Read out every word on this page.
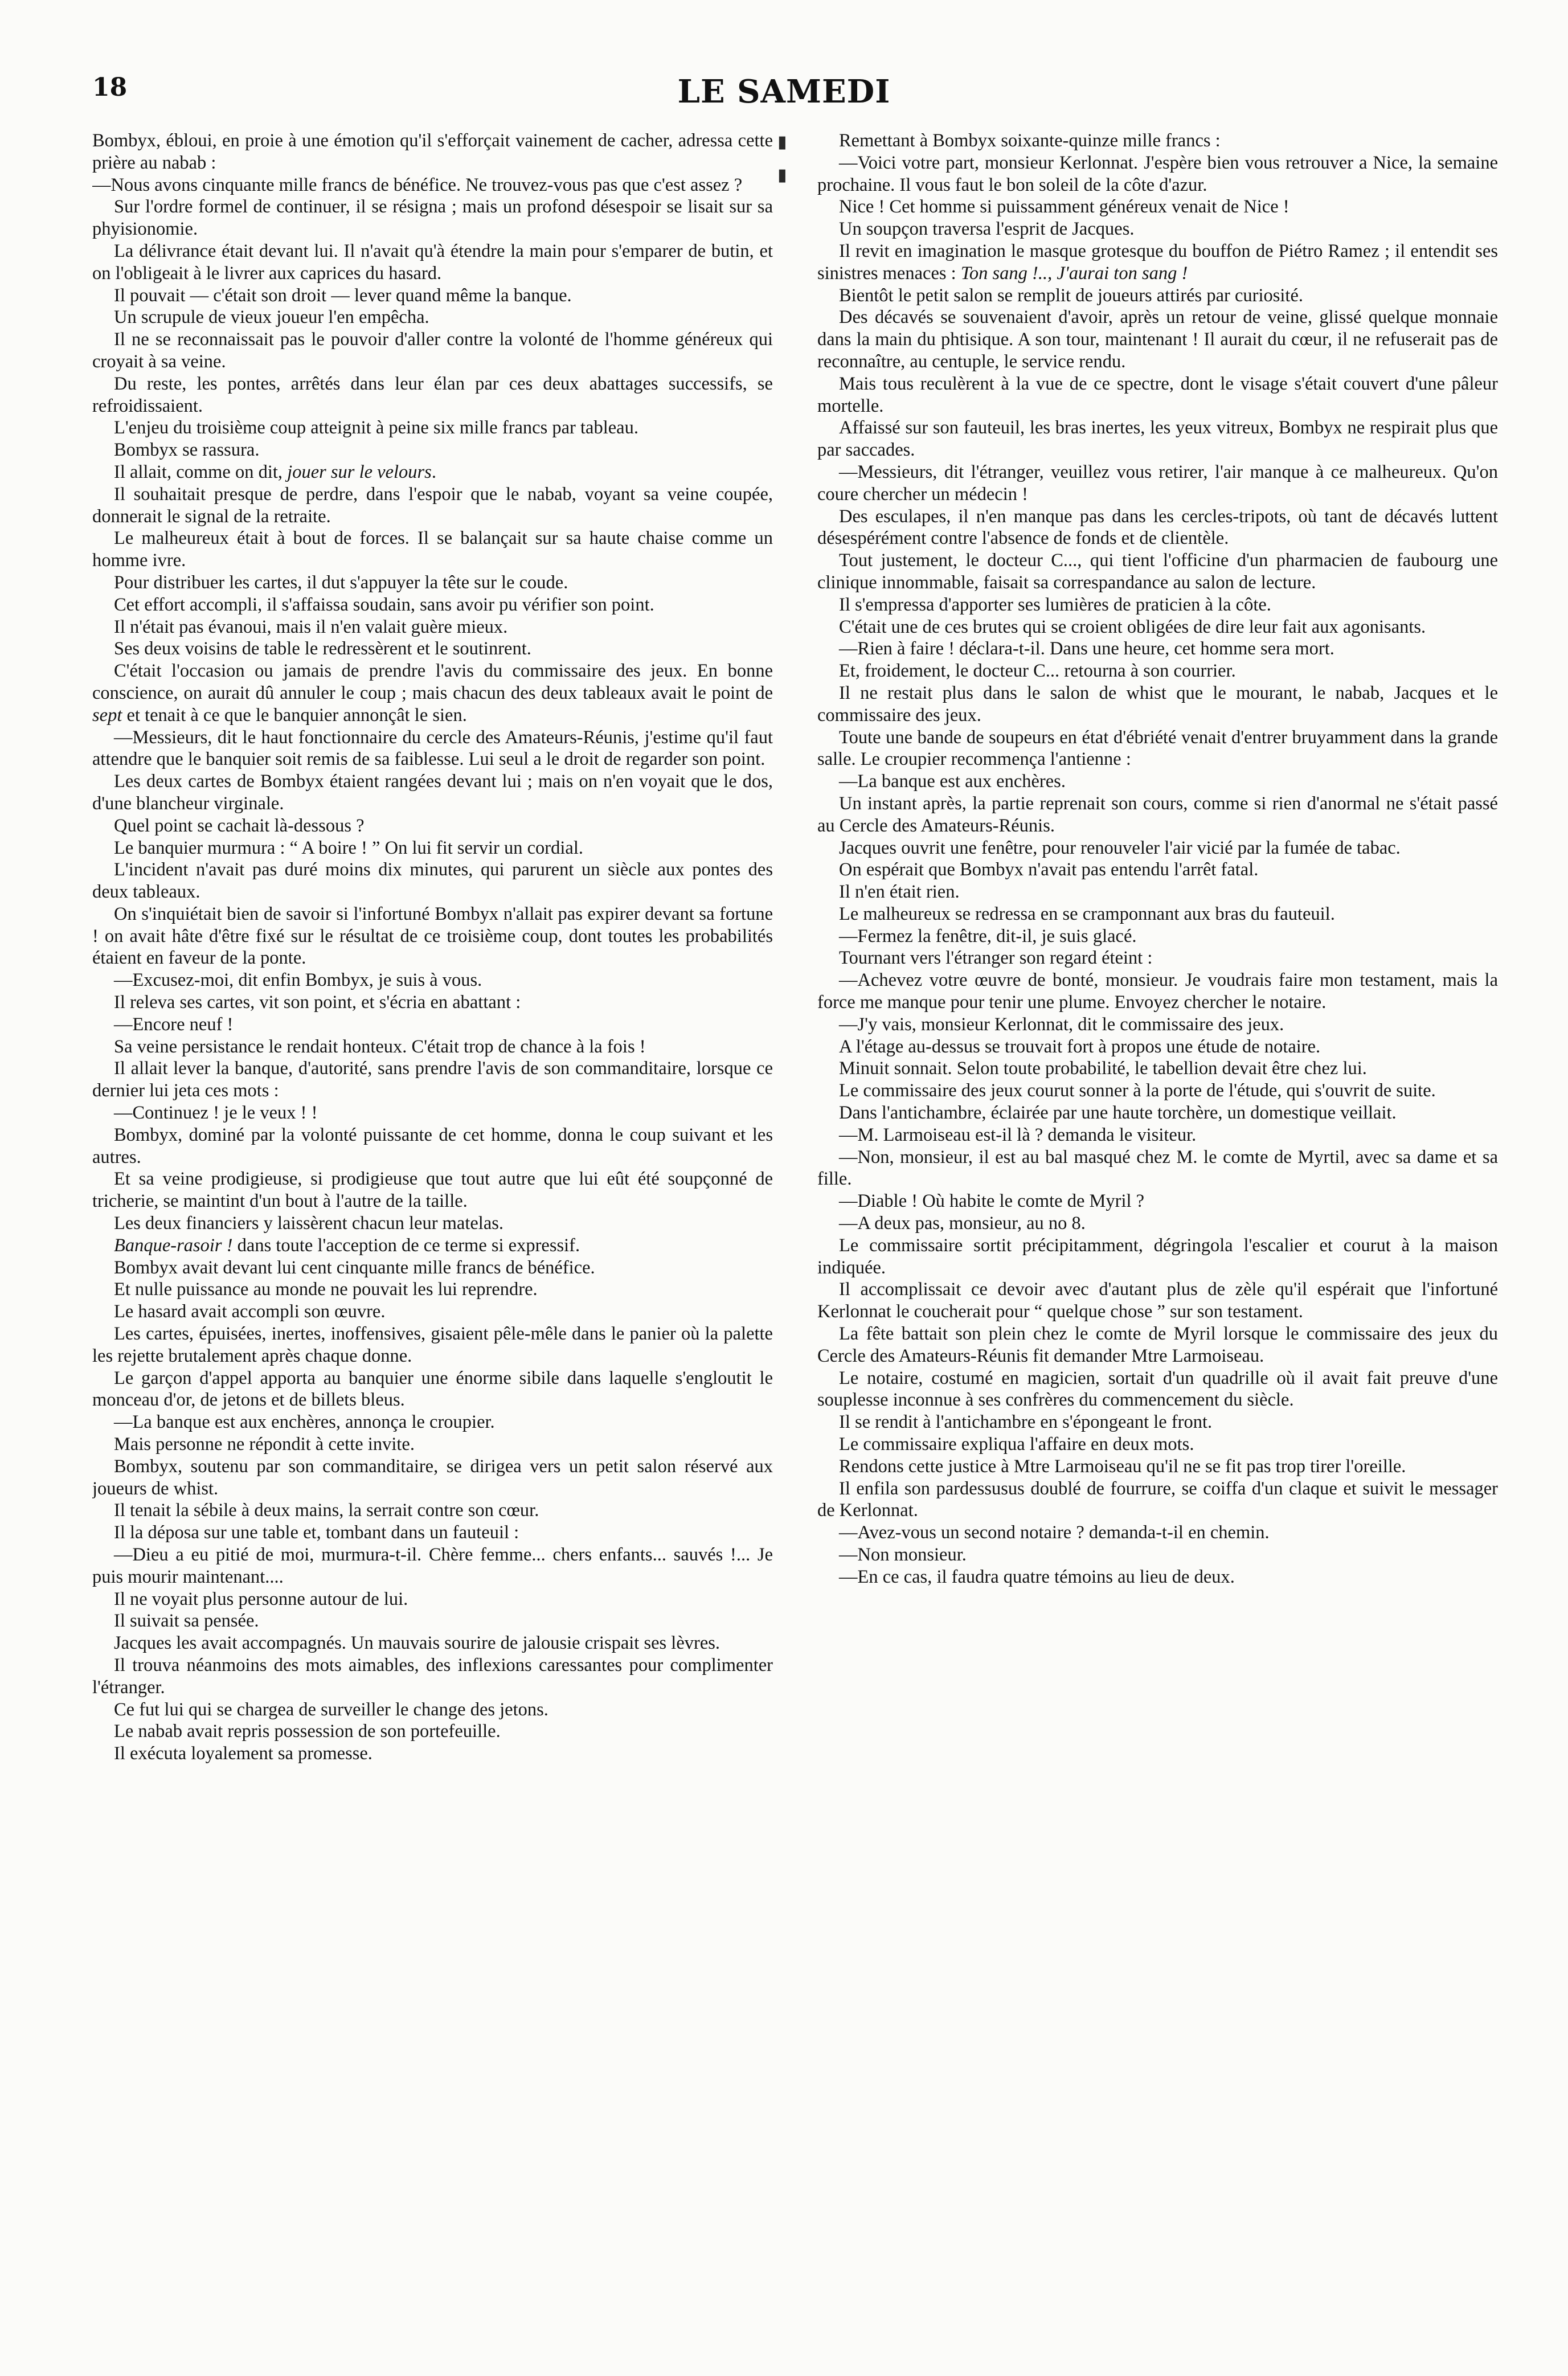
18	LE SAMEDI

Bombyx, ébloui, en proie à une émotion qu'il s'efforçait vainement de cacher, adressa cette prière au nabab :

—Nous avons cinquante mille francs de bénéfice. Ne trouvez-vous pas que c'est assez ?

Sur l'ordre formel de continuer, il se résigna ; mais un profond désespoir se lisait sur sa phyisionomie.

La délivrance était devant lui. Il n'avait qu'à étendre la main pour s'emparer de butin, et on l'obligeait à le livrer aux caprices du hasard.

Il pouvait — c'était son droit — lever quand même la banque.

Un scrupule de vieux joueur l'en empêcha.

Il ne se reconnaissait pas le pouvoir d'aller contre la volonté de l'homme généreux qui croyait à sa veine.

Du reste, les pontes, arrêtés dans leur élan par ces deux abattages successifs, se refroidissaient.

L'enjeu du troisième coup atteignit à peine six mille francs par tableau.

Bombyx se rassura.

Il allait, comme on dit, jouer sur le velours.

Il souhaitait presque de perdre, dans l'espoir que le nabab, voyant sa veine coupée, donnerait le signal de la retraite.

Le malheureux était à bout de forces. Il se balançait sur sa haute chaise comme un homme ivre.

Pour distribuer les cartes, il dut s'appuyer la tête sur le coude.

Cet effort accompli, il s'affaissa soudain, sans avoir pu vérifier son point.

Il n'était pas évanoui, mais il n'en valait guère mieux.

Ses deux voisins de table le redressèrent et le soutinrent.

C'était l'occasion ou jamais de prendre l'avis du commissaire des jeux. En bonne conscience, on aurait dû annuler le coup ; mais chacun des deux tableaux avait le point de sept et tenait à ce que le banquier annonçât le sien.

—Messieurs, dit le haut fonctionnaire du cercle des Amateurs-Réunis, j'estime qu'il faut attendre que le banquier soit remis de sa faiblesse. Lui seul a le droit de regarder son point.

Les deux cartes de Bombyx étaient rangées devant lui ; mais on n'en voyait que le dos, d'une blancheur virginale.

Quel point se cachait là-dessous ?

Le banquier murmura : “ A boire ! ” On lui fit servir un cordial.

L'incident n'avait pas duré moins dix minutes, qui parurent un siècle aux pontes des deux tableaux.

On s'inquiétait bien de savoir si l'infortuné Bombyx n'allait pas expirer devant sa fortune ! on avait hâte d'être fixé sur le résultat de ce troisième coup, dont toutes les probabilités étaient en faveur de la ponte.

—Excusez-moi, dit enfin Bombyx, je suis à vous.

Il releva ses cartes, vit son point, et s'écria en abattant :

—Encore neuf !

Sa veine persistance le rendait honteux. C'était trop de chance à la fois !

Il allait lever la banque, d'autorité, sans prendre l'avis de son commanditaire, lorsque ce dernier lui jeta ces mots :

—Continuez ! je le veux ! !

Bombyx, dominé par la volonté puissante de cet homme, donna le coup suivant et les autres.

Et sa veine prodigieuse, si prodigieuse que tout autre que lui eût été soupçonné de tricherie, se maintint d'un bout à l'autre de la taille.

Les deux financiers y laissèrent chacun leur matelas.

Banque-rasoir ! dans toute l'acception de ce terme si expressif.

Bombyx avait devant lui cent cinquante mille francs de bénéfice.

Et nulle puissance au monde ne pouvait les lui reprendre.

Le hasard avait accompli son œuvre.

Les cartes, épuisées, inertes, inoffensives, gisaient pêle-mêle dans le panier où la palette les rejette brutalement après chaque donne.

Le garçon d'appel apporta au banquier une énorme sibile dans laquelle s'engloutit le monceau d'or, de jetons et de billets bleus.

—La banque est aux enchères, annonça le croupier.

Mais personne ne répondit à cette invite.

Bombyx, soutenu par son commanditaire, se dirigea vers un petit salon réservé aux joueurs de whist.

Il tenait la sébile à deux mains, la serrait contre son cœur.

Il la déposa sur une table et, tombant dans un fauteuil :

—Dieu a eu pitié de moi, murmura-t-il. Chère femme... chers enfants... sauvés !... Je puis mourir maintenant....

Il ne voyait plus personne autour de lui.

Il suivait sa pensée.

Jacques les avait accompagnés. Un mauvais sourire de jalousie crispait ses lèvres.

Il trouva néanmoins des mots aimables, des inflexions caressantes pour complimenter l'étranger.

Ce fut lui qui se chargea de surveiller le change des jetons.

Le nabab avait repris possession de son portefeuille.

Il exécuta loyalement sa promesse.

Remettant à Bombyx soixante-quinze mille francs :

—Voici votre part, monsieur Kerlonnat. J'espère bien vous retrouver a Nice, la semaine prochaine. Il vous faut le bon soleil de la côte d'azur.

Nice ! Cet homme si puissamment généreux venait de Nice !

Un soupçon traversa l'esprit de Jacques.

Il revit en imagination le masque grotesque du bouffon de Piétro Ramez ; il entendit ses sinistres menaces : Ton sang !.., J'aurai ton sang !

Bientôt le petit salon se remplit de joueurs attirés par curiosité.

Des décavés se souvenaient d'avoir, après un retour de veine, glissé quelque monnaie dans la main du phtisique. A son tour, maintenant ! Il aurait du cœur, il ne refuserait pas de reconnaître, au centuple, le service rendu.

Mais tous reculèrent à la vue de ce spectre, dont le visage s'était couvert d'une pâleur mortelle.

Affaissé sur son fauteuil, les bras inertes, les yeux vitreux, Bombyx ne respirait plus que par saccades.

—Messieurs, dit l'étranger, veuillez vous retirer, l'air manque à ce malheureux. Qu'on coure chercher un médecin !

Des esculapes, il n'en manque pas dans les cercles-tripots, où tant de décavés luttent désespérément contre l'absence de fonds et de clientèle.

Tout justement, le docteur C..., qui tient l'officine d'un pharmacien de faubourg une clinique innommable, faisait sa correspandance au salon de lecture.

Il s'empressa d'apporter ses lumières de praticien à la côte.

C'était une de ces brutes qui se croient obligées de dire leur fait aux agonisants.

—Rien à faire ! déclara-t-il. Dans une heure, cet homme sera mort.

Et, froidement, le docteur C... retourna à son courrier.

Il ne restait plus dans le salon de whist que le mourant, le nabab, Jacques et le commissaire des jeux.

Toute une bande de soupeurs en état d'ébriété venait d'entrer bruyamment dans la grande salle. Le croupier recommença l'antienne :

—La banque est aux enchères.

Un instant après, la partie reprenait son cours, comme si rien d'anormal ne s'était passé au Cercle des Amateurs-Réunis.

Jacques ouvrit une fenêtre, pour renouveler l'air vicié par la fumée de tabac.

On espérait que Bombyx n'avait pas entendu l'arrêt fatal.

Il n'en était rien.

Le malheureux se redressa en se cramponnant aux bras du fauteuil.

—Fermez la fenêtre, dit-il, je suis glacé.

Tournant vers l'étranger son regard éteint :

—Achevez votre œuvre de bonté, monsieur. Je voudrais faire mon testament, mais la force me manque pour tenir une plume. Envoyez chercher le notaire.

—J'y vais, monsieur Kerlonnat, dit le commissaire des jeux.

A l'étage au-dessus se trouvait fort à propos une étude de notaire.

Minuit sonnait. Selon toute probabilité, le tabellion devait être chez lui.

Le commissaire des jeux courut sonner à la porte de l'étude, qui s'ouvrit de suite.

Dans l'antichambre, éclairée par une haute torchère, un domestique veillait.

—M. Larmoiseau est-il là ? demanda le visiteur.

—Non, monsieur, il est au bal masqué chez M. le comte de Myrtil, avec sa dame et sa fille.

—Diable ! Où habite le comte de Myril ?

—A deux pas, monsieur, au no 8.

Le commissaire sortit précipitamment, dégringola l'escalier et courut à la maison indiquée.

Il accomplissait ce devoir avec d'autant plus de zèle qu'il espérait que l'infortuné Kerlonnat le coucherait pour “ quelque chose ” sur son testament.

La fête battait son plein chez le comte de Myril lorsque le commissaire des jeux du Cercle des Amateurs-Réunis fit demander Mtre Larmoiseau.

Le notaire, costumé en magicien, sortait d'un quadrille où il avait fait preuve d'une souplesse inconnue à ses confrères du commencement du siècle.

Il se rendit à l'antichambre en s'épongeant le front.

Le commissaire expliqua l'affaire en deux mots.

Rendons cette justice à Mtre Larmoiseau qu'il ne se fit pas trop tirer l'oreille.

Il enfila son pardessusus doublé de fourrure, se coiffa d'un claque et suivit le messager de Kerlonnat.

—Avez-vous un second notaire ? demanda-t-il en chemin.

—Non monsieur.

—En ce cas, il faudra quatre témoins au lieu de deux.

▮
▮
